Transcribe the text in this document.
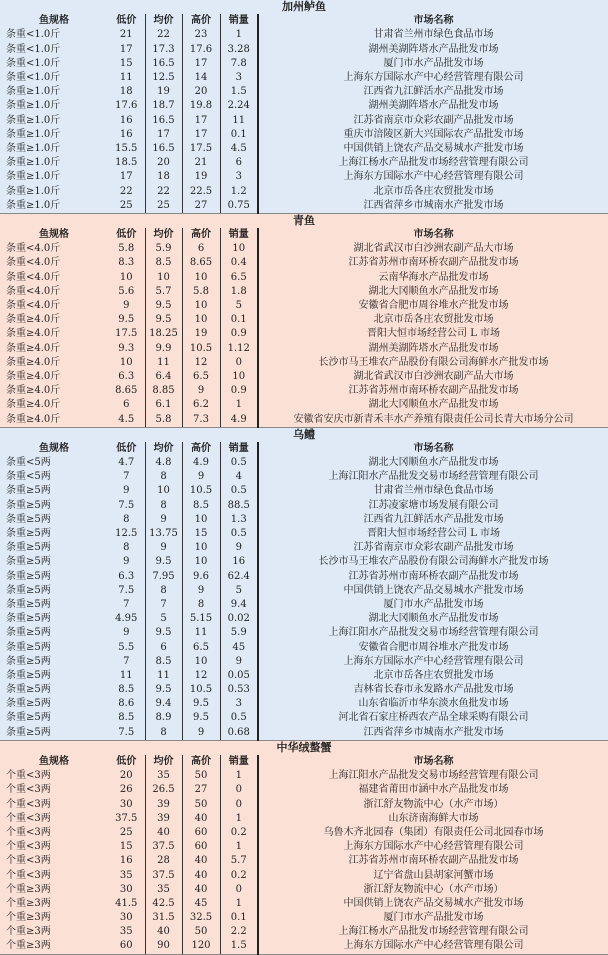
加州鲈鱼					
鱼规格	低价	均价	高价	销量	市场名称
条重<1.0斤	21	22	23	1	甘肃省兰州市绿色食品市场
条重<1.0斤	17	17.3	17.6	3.28	湖州美湖阵塔水产品批发市场
条重<1.0斤	15	16.5	17	7.8	厦门市水产品批发市场
条重<1.0斤	11	12.5	14	3	上海东方国际水产中心经营管理有限公司
条重≥1.0斤	18	19	20	1.5	江西省九江鲜活水产品批发市场
条重≥1.0斤	17.6	18.7	19.8	2.24	湖州美湖阵塔水产品批发市场
条重≥1.0斤	16	16.5	17	11	江苏省南京市众彩农副产品批发市场
条重≥1.0斤	16	17	17	0.1	重庆市涪陵区新大兴国际农产品批发市场
条重≥1.0斤	15.5	16.5	17.5	4.5	中国供销上饶农产品交易城水产批发市场
条重≥1.0斤	18.5	20	21	6	上海江杨水产品批发市场经营管理有限公司
条重≥1.0斤	17	18	19	3	上海东方国际水产中心经营管理有限公司
条重≥1.0斤	22	22	22.5	1.2	北京市岳各庄农贸批发市场
条重≥1.0斤	25	25	27	0.75	江西省萍乡市城南水产批发市场
青鱼					
鱼规格	低价	均价	高价	销量	市场名称
条重<4.0斤	5.8	5.9	6	10	湖北省武汉市白沙洲农副产品大市场
条重<4.0斤	8.3	8.5	8.65	0.4	江苏省苏州市南环桥农副产品批发市场
条重<4.0斤	10	10	10	6.5	云南华海水产品批发市场
条重<4.0斤	5.6	5.7	5.8	1.8	湖北大冈顺鱼水产品批发市场
条重<4.0斤	9	9.5	10	5	安徽省合肥市周谷堆水产批发市场
条重≥4.0斤	9.5	9.5	10	0.1	北京市岳各庄农贸批发市场
条重≥4.0斤	17.5	18.25	19	0.9	晋阳大恒市场经营公司 L 市场
条重≥4.0斤	9.3	9.9	10.5	1.12	湖州美湖阵塔水产品批发市场
条重≥4.0斤	10	11	12	0	长沙市马王堆农产品股份有限公司海鲜水产批发市场
条重≥4.0斤	6.3	6.4	6.5	10	湖北省武汉市白沙洲农副产品大市场
条重≥4.0斤	8.65	8.85	9	0.9	江苏省苏州市南环桥农副产品批发市场
条重≥4.0斤	6	6.1	6.2	1	湖北大冈顺鱼水产品批发市场
条重≥4.0斤	4.5	5.8	7.3	4.9	安徽省安庆市新青禾丰水产养殖有限责任公司长青大市场分公司
乌鳢					
鱼规格	低价	均价	高价	销量	市场名称
条重<5两	4.7	4.8	4.9	0.5	湖北大冈顺鱼水产品批发市场
条重<5两	7	8	9	4	上海江阳水产品批发交易市场经营管理有限公司
条重≥5两	9	10	10.5	0.5	甘肃省兰州市绿色食品市场
条重≥5两	7.5	8	8.5	88.5	江苏凌家塘市场发展有限公司
条重≥5两	8	9	10	1.3	江西省九江鲜活水产品批发市场
条重≥5两	12.5	13.75	15	0.5	晋阳大恒市场经营公司 L 市场
条重≥5两	8	9	10	9	江苏省南京市众彩农副产品批发市场
条重≥5两	9	9.5	10	16	长沙市马王堆农产品股份有限公司海鲜水产批发市场
条重≥5两	6.3	7.95	9.6	62.4	江苏省苏州市南环桥农副产品批发市场
条重≥5两	7.5	8	9	5	中国供销上饶农产品交易城水产批发市场
条重≥5两	7	7	8	9.4	厦门市水产品批发市场
条重≥5两	4.95	5	5.15	0.02	湖北大冈顺鱼水产品批发市场
条重≥5两	9	9.5	11	5.9	上海江阳水产品批发交易市场经营管理有限公司
条重≥5两	5.5	6	6.5	45	安徽省合肥市周谷堆水产批发市场
条重≥5两	7	8.5	10	9	上海东方国际水产中心经营管理有限公司
条重≥5两	11	11	12	0.05	北京市岳各庄农贸批发市场
条重≥5两	8.5	9.5	10.5	0.53	吉林省长春市永发路水产品批发市场
条重≥5两	8.6	9.4	9.5	3	山东省临沂市华东淡水鱼批发市场
条重≥5两	8.5	8.9	9.5	0.5	河北省石家庄桥西农产品全球采购有限公司
条重≥5两	7.5	8	9	0.68	江西省萍乡市城南水产批发市场
中华绒螯蟹					
鱼规格	低价	均价	高价	销量	市场名称
个重<3两	20	35	50	1	上海江阳水产品批发交易市场经营管理有限公司
个重<3两	26	26.5	27	0	福建省莆田市涵中水产品批发市场
个重<3两	30	39	50	0	浙江舒友物流中心（水产市场）
个重<3两	37.5	39	40	1	山东济南海鲜大市场
个重<3两	25	40	60	0.2	乌鲁木齐北园春（集团）有限责任公司北园春市场
个重<3两	15	37.5	60	1	上海东方国际水产中心经营管理有限公司
个重<3两	16	28	40	5.7	江苏省苏州市南环桥农副产品批发市场
个重<3两	35	37.5	40	0.2	辽宁省盘山县胡家河蟹市场
个重≥3两	30	35	40	0	浙江舒友物流中心（水产市场）
个重≥3两	41.5	42.5	45	1	中国供销上饶农产品交易城水产批发市场
个重≥3两	30	31.5	32.5	0.1	厦门市水产品批发市场
个重≥3两	35	40	50	2.2	上海江杨水产品批发市场经营管理有限公司
个重≥3两	60	90	120	1.5	上海东方国际水产中心经营管理有限公司
